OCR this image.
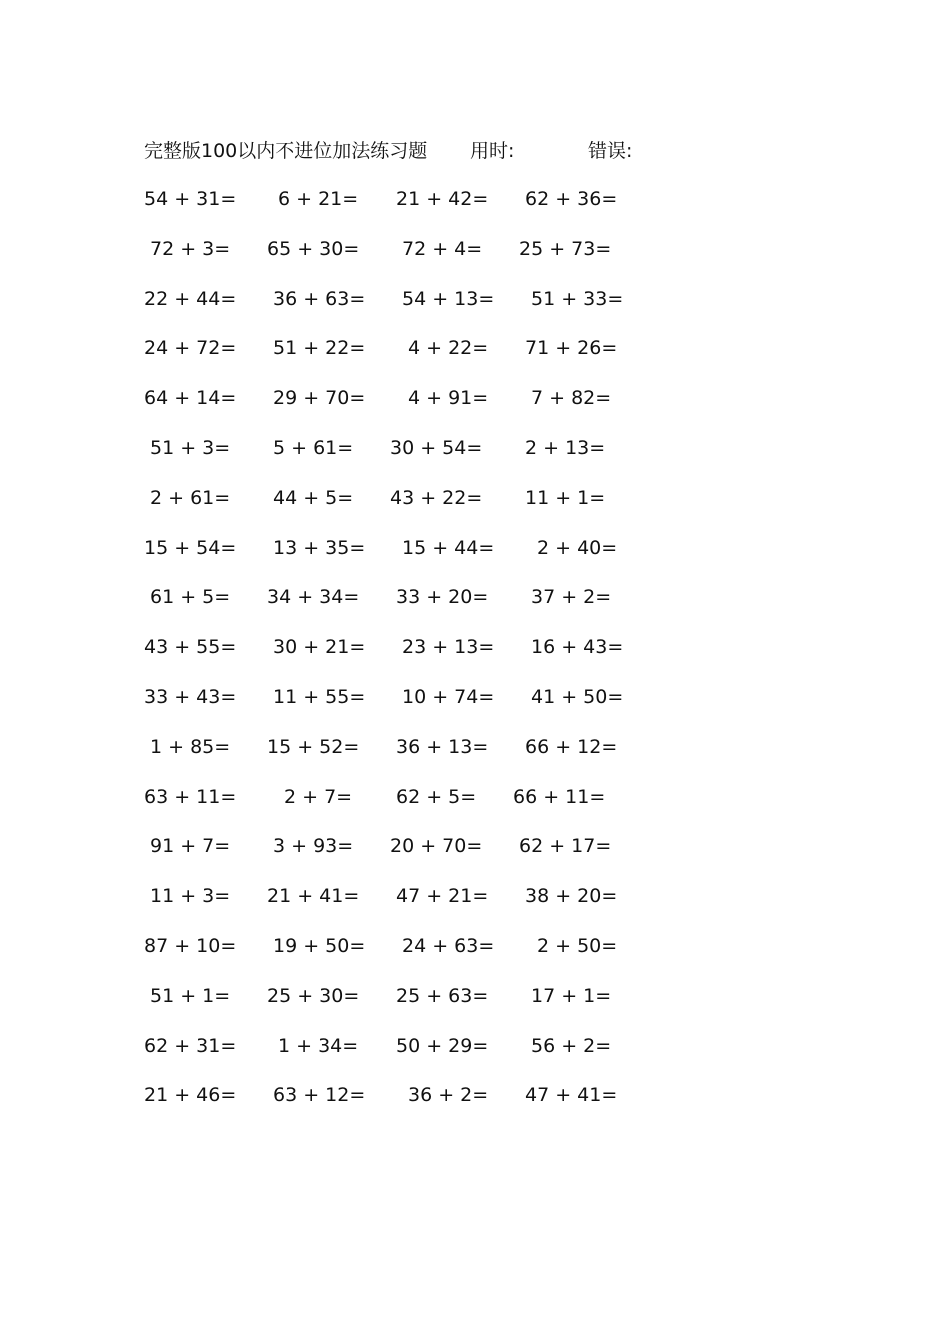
完整版100以内不进位加法练习题 用时:	错误:
54 + 31= 6 + 21= 21 + 42= 62 + 36=
72 + 3= 65 + 30= 72 + 4= 25 + 73=
22 + 44= 36 + 63= 54 + 13= 51 + 33=
24 + 72= 51 + 22= 4 + 22= 71 + 26=
64 + 14= 29 + 70= 4 + 91= 7 + 82=
51 + 3= 5 + 61= 30 + 54= 2 + 13=
2 + 61= 44 + 5= 43 + 22= 11 + 1=
15 + 54= 13 + 35= 15 + 44= 2 + 40=
61 + 5= 34 + 34= 33 + 20= 37 + 2=
43 + 55= 30 + 21= 23 + 13= 16 + 43=
33 + 43= 11 + 55= 10 + 74= 41 + 50=
1 + 85= 15 + 52= 36 + 13= 66 + 12=
63 + 11=	2 + 7= 62 + 5= 66 + 11=
91 + 7= 3 + 93= 20 + 70= 62 + 17=
11 + 3= 21 + 41= 47 + 21= 38 + 20=
87 + 10= 19 + 50= 24 + 63= 2 + 50=
51 + 1= 25 + 30= 25 + 63= 17 + 1=
62 + 31= 1 + 34= 50 + 29= 56 + 2=
21 + 46= 63 + 12= 36 + 2= 47 + 41=
